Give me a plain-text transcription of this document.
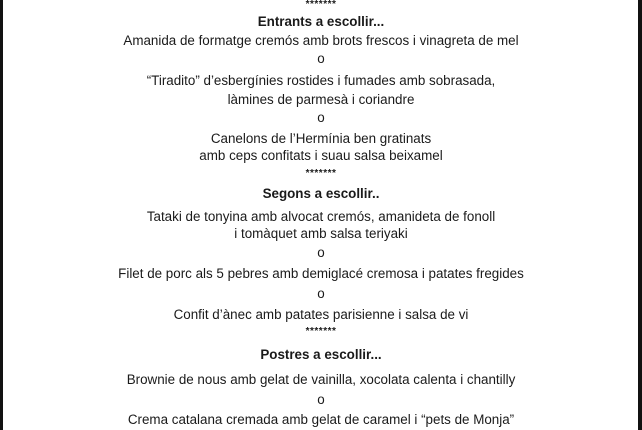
*******
Entrants a escollir...
Amanida de formatge cremós amb brots frescos i vinagreta de mel
o
“Tiradito” d’esbergínies rostides i fumades amb sobrasada,
làmines de parmesà i coriandre
o
Canelons de l’Hermínia ben gratinats
amb ceps confitats i suau salsa beixamel
*******
Segons a escollir..
Tataki de tonyina amb alvocat cremós, amanideta de fonoll
i tomàquet amb salsa teriyaki
o
Filet de porc als 5 pebres amb demiglacé cremosa i patates fregides
o
Confit d’ànec amb patates parisienne i salsa de vi
*******
Postres a escollir...
Brownie de nous amb gelat de vainilla, xocolata calenta i chantilly
o
Crema catalana cremada amb gelat de caramel i “pets de Monja”
